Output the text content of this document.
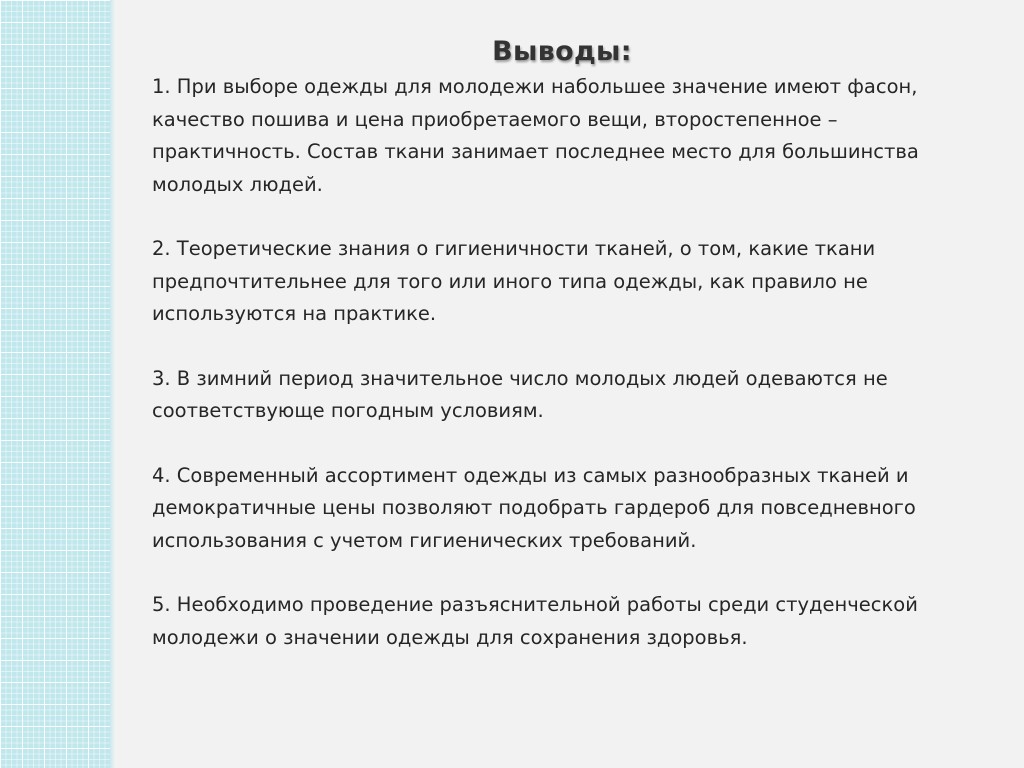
Выводы:

1. При выборе одежды для молодежи набольшее значение имеют фасон, качество пошива и цена приобретаемого вещи, второстепенное –практичность. Состав ткани занимает последнее место для большинства молодых людей.

2. Теоретические знания о гигиеничности тканей, о том, какие ткани предпочтительнее для того или иного типа одежды, как правило не используются на практике.

3. В зимний период значительное число молодых людей одеваются не соответствующе погодным условиям.

4. Современный ассортимент одежды из самых разнообразных тканей и демократичные цены позволяют подобрать гардероб для повседневного использования с учетом гигиенических требований.

5. Необходимо проведение разъяснительной работы среди студенческой молодежи о значении одежды для сохранения здоровья.
